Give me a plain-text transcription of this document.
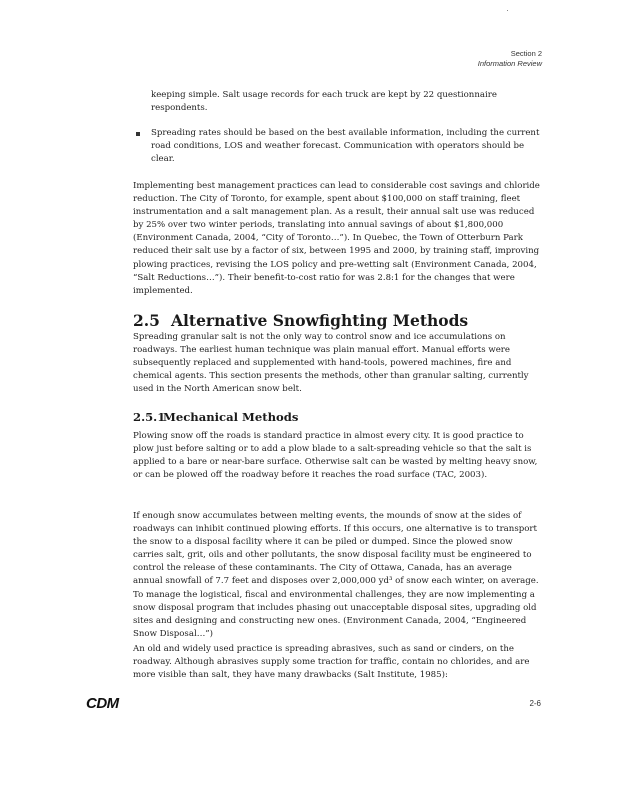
Section 2
Information Review

keeping simple. Salt usage records for each truck are kept by 22 questionnaire respondents.

Spreading rates should be based on the best available information, including the current road conditions, LOS and weather forecast. Communication with operators should be clear.

Implementing best management practices can lead to considerable cost savings and chloride reduction. The City of Toronto, for example, spent about $100,000 on staff training, fleet instrumentation and a salt management plan. As a result, their annual salt use was reduced by 25% over two winter periods, translating into annual savings of about $1,800,000 (Environment Canada, 2004, “City of Toronto…”). In Quebec, the Town of Otterburn Park reduced their salt use by a factor of six, between 1995 and 2000, by training staff, improving plowing practices, revising the LOS policy and pre-wetting salt (Environment Canada, 2004, “Salt Reductions…”). Their benefit-to-cost ratio for was 2.8:1 for the changes that were implemented.

2.5 Alternative Snowfighting Methods

Spreading granular salt is not the only way to control snow and ice accumulations on roadways. The earliest human technique was plain manual effort. Manual efforts were subsequently replaced and supplemented with hand-tools, powered machines, fire and chemical agents. This section presents the methods, other than granular salting, currently used in the North American snow belt.

2.5.1Mechanical Methods

Plowing snow off the roads is standard practice in almost every city. It is good practice to plow just before salting or to add a plow blade to a salt-spreading vehicle so that the salt is applied to a bare or near-bare surface. Otherwise salt can be wasted by melting heavy snow, or can be plowed off the roadway before it reaches the road surface (TAC, 2003).

If enough snow accumulates between melting events, the mounds of snow at the sides of roadways can inhibit continued plowing efforts. If this occurs, one alternative is to transport the snow to a disposal facility where it can be piled or dumped. Since the plowed snow carries salt, grit, oils and other pollutants, the snow disposal facility must be engineered to control the release of these contaminants. The City of Ottawa, Canada, has an average annual snowfall of 7.7 feet and disposes over 2,000,000 yd³ of snow each winter, on average. To manage the logistical, fiscal and environmental challenges, they are now implementing a snow disposal program that includes phasing out unacceptable disposal sites, upgrading old sites and designing and constructing new ones. (Environment Canada, 2004, “Engineered Snow Disposal…”)

An old and widely used practice is spreading abrasives, such as sand or cinders, on the roadway. Although abrasives supply some traction for traffic, contain no chlorides, and are more visible than salt, they have many drawbacks (Salt Institute, 1985):

CDM	2-6
